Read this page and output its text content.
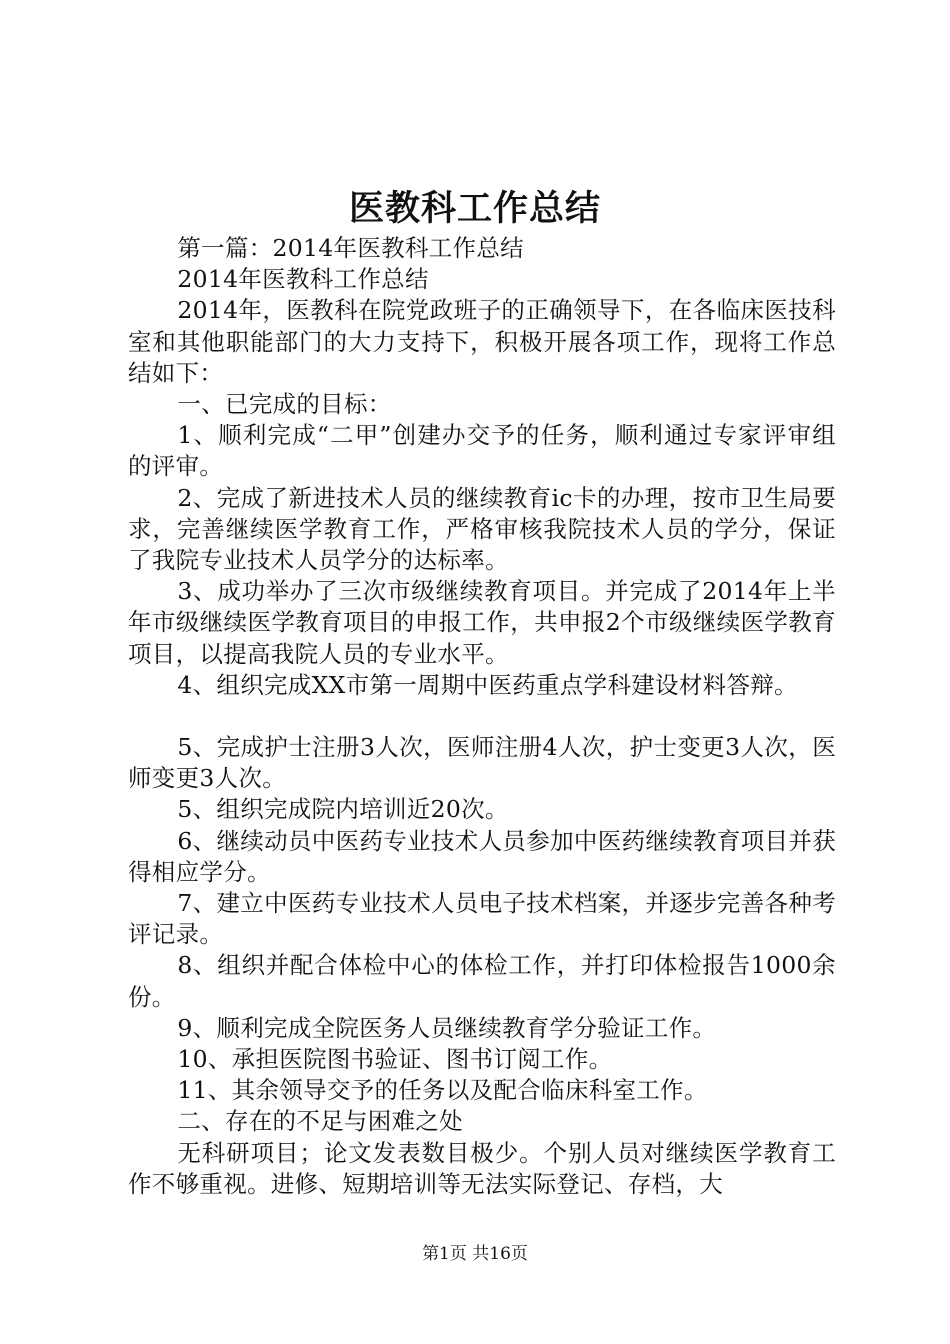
医教科工作总结

第一篇：2014年医教科工作总结

2014年医教科工作总结

2014年，医教科在院党政班子的正确领导下，在各临床医技科室和其他职能部门的大力支持下，积极开展各项工作，现将工作总结如下：

一、已完成的目标：

1、顺利完成“二甲”创建办交予的任务，顺利通过专家评审组的评审。

2、完成了新进技术人员的继续教育ic卡的办理，按市卫生局要求，完善继续医学教育工作，严格审核我院技术人员的学分，保证了我院专业技术人员学分的达标率。

3、成功举办了三次市级继续教育项目。并完成了2014年上半年市级继续医学教育项目的申报工作，共申报2个市级继续医学教育项目，以提高我院人员的专业水平。

4、组织完成XX市第一周期中医药重点学科建设材料答辩。

5、完成护士注册3人次，医师注册4人次，护士变更3人次，医师变更3人次。

5、组织完成院内培训近20次。

6、继续动员中医药专业技术人员参加中医药继续教育项目并获得相应学分。

7、建立中医药专业技术人员电子技术档案，并逐步完善各种考评记录。

8、组织并配合体检中心的体检工作，并打印体检报告1000余份。

9、顺利完成全院医务人员继续教育学分验证工作。

10、承担医院图书验证、图书订阅工作。

11、其余领导交予的任务以及配合临床科室工作。

二、存在的不足与困难之处

无科研项目；论文发表数目极少。个别人员对继续医学教育工作不够重视。进修、短期培训等无法实际登记、存档，大

第1页 共16页
